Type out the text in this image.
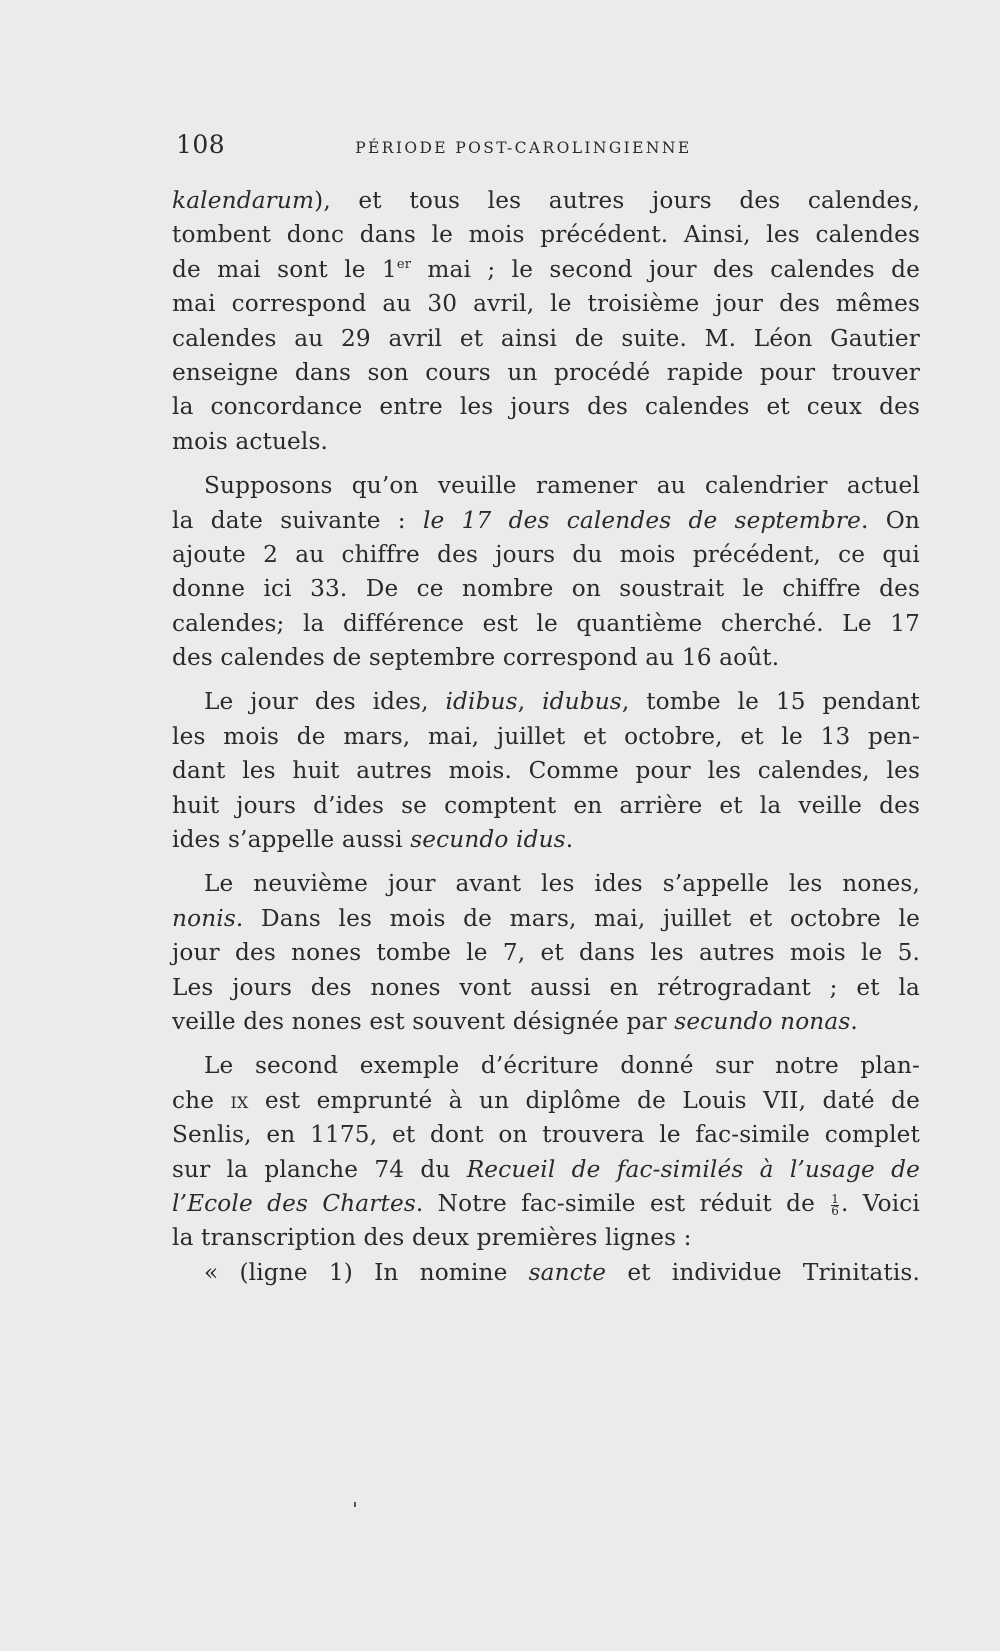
108	PÉRIODE POST-CAROLINGIENNE
kalendarum), et tous les autres jours des calendes,
tombent donc dans le mois précédent. Ainsi, les calendes
de mai sont le 1er mai ; le second jour des calendes de
mai correspond au 30 avril, le troisième jour des mêmes
calendes au 29 avril et ainsi de suite. M. Léon Gautier
enseigne dans son cours un procédé rapide pour trouver
la concordance entre les jours des calendes et ceux des
mois actuels.
Supposons qu’on veuille ramener au calendrier actuel
la date suivante : le 17 des calendes de septembre. On
ajoute 2 au chiffre des jours du mois précédent, ce qui
donne ici 33. De ce nombre on soustrait le chiffre des
calendes; la différence est le quantième cherché. Le 17
des calendes de septembre correspond au 16 août.
Le jour des ides, idibus, idubus, tombe le 15 pendant
les mois de mars, mai, juillet et octobre, et le 13 pen-
dant les huit autres mois. Comme pour les calendes, les
huit jours d’ides se comptent en arrière et la veille des
ides s’appelle aussi secundo idus.
Le neuvième jour avant les ides s’appelle les nones,
nonis. Dans les mois de mars, mai, juillet et octobre le
jour des nones tombe le 7, et dans les autres mois le 5.
Les jours des nones vont aussi en rétrogradant ; et la
veille des nones est souvent désignée par secundo nonas.
Le second exemple d’écriture donné sur notre plan-
che ix est emprunté à un diplôme de Louis VII, daté de
Senlis, en 1175, et dont on trouvera le fac-simile complet
sur la planche 74 du Recueil de fac-similés à l’usage de
l’Ecole des Chartes. Notre fac-simile est réduit de $\frac{1}{6}$ . Voici
la transcription des deux premières lignes :
« (ligne 1) In nomine sancte et individue Trinitatis.
